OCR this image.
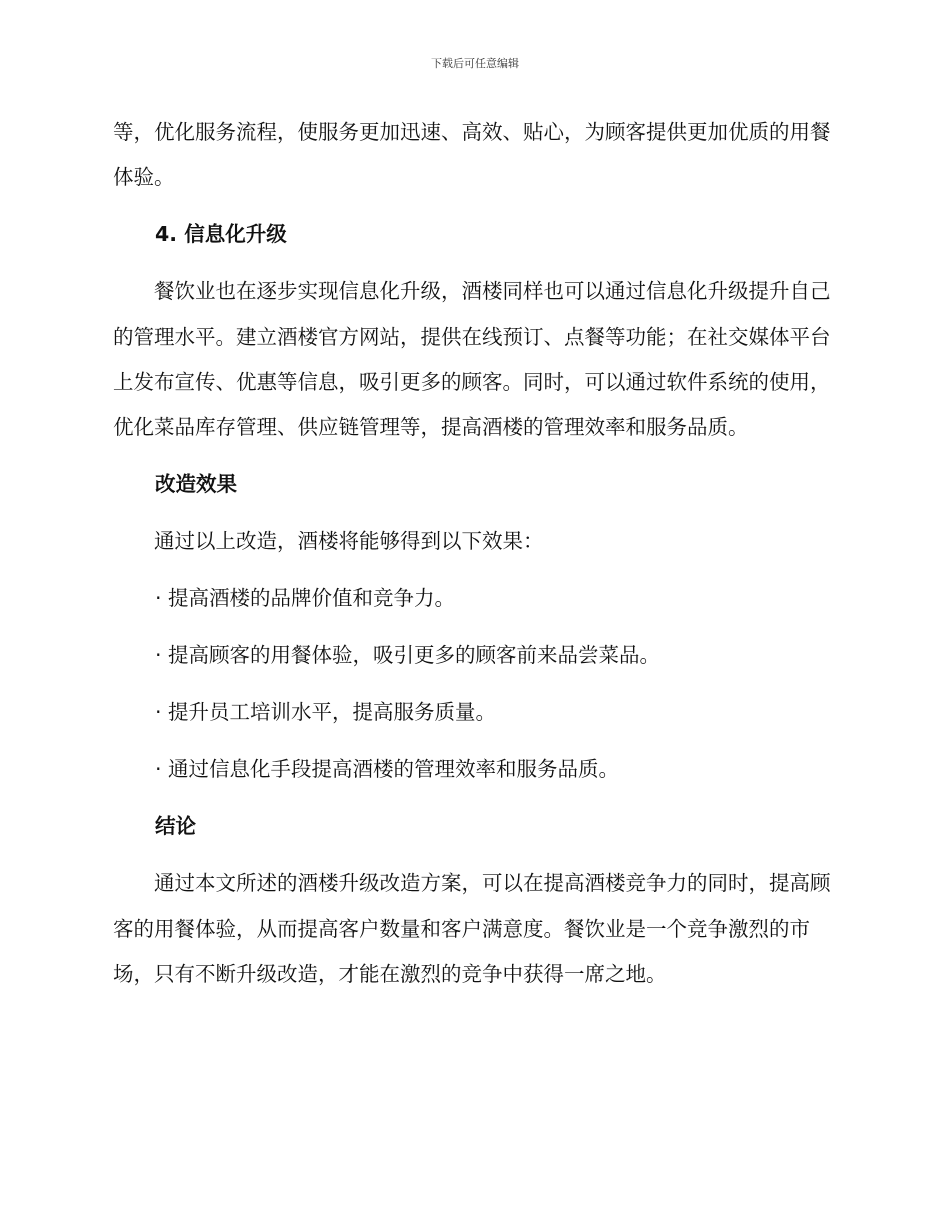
下载后可任意编辑

等，优化服务流程，使服务更加迅速、高效、贴心，为顾客提供更加优质的用餐体验。

4. 信息化升级

餐饮业也在逐步实现信息化升级，酒楼同样也可以通过信息化升级提升自己的管理水平。建立酒楼官方网站，提供在线预订、点餐等功能；在社交媒体平台上发布宣传、优惠等信息，吸引更多的顾客。同时，可以通过软件系统的使用，优化菜品库存管理、供应链管理等，提高酒楼的管理效率和服务品质。

改造效果

通过以上改造，酒楼将能够得到以下效果：

· 提高酒楼的品牌价值和竞争力。

· 提高顾客的用餐体验，吸引更多的顾客前来品尝菜品。

· 提升员工培训水平，提高服务质量。

· 通过信息化手段提高酒楼的管理效率和服务品质。

结论

通过本文所述的酒楼升级改造方案，可以在提高酒楼竞争力的同时，提高顾客的用餐体验，从而提高客户数量和客户满意度。餐饮业是一个竞争激烈的市场，只有不断升级改造，才能在激烈的竞争中获得一席之地。
